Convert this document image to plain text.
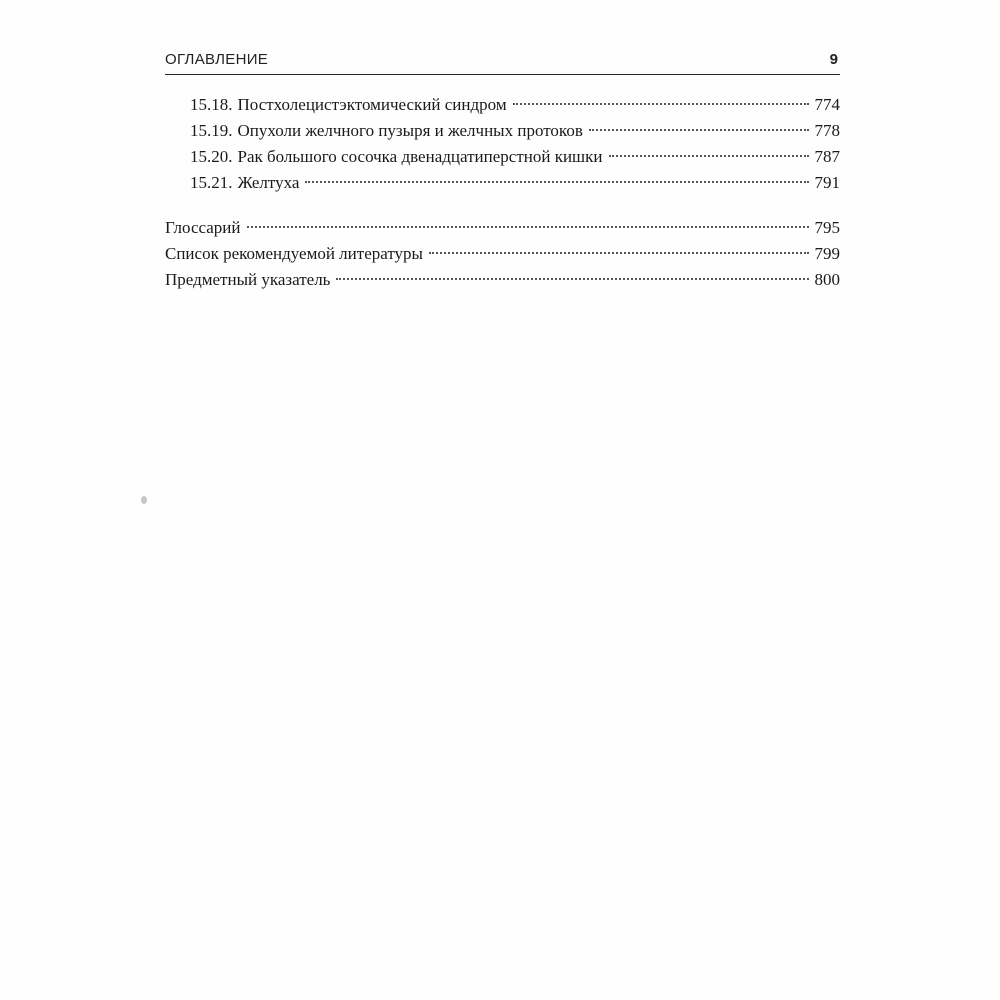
ОГЛАВЛЕНИЕ	9
15.18. Постхолецистэктомический синдром	774
15.19. Опухоли желчного пузыря и желчных протоков	778
15.20. Рак большого сосочка двенадцатиперстной кишки	787
15.21. Желтуха	791
Глоссарий	795
Список рекомендуемой литературы	799
Предметный указатель	800
